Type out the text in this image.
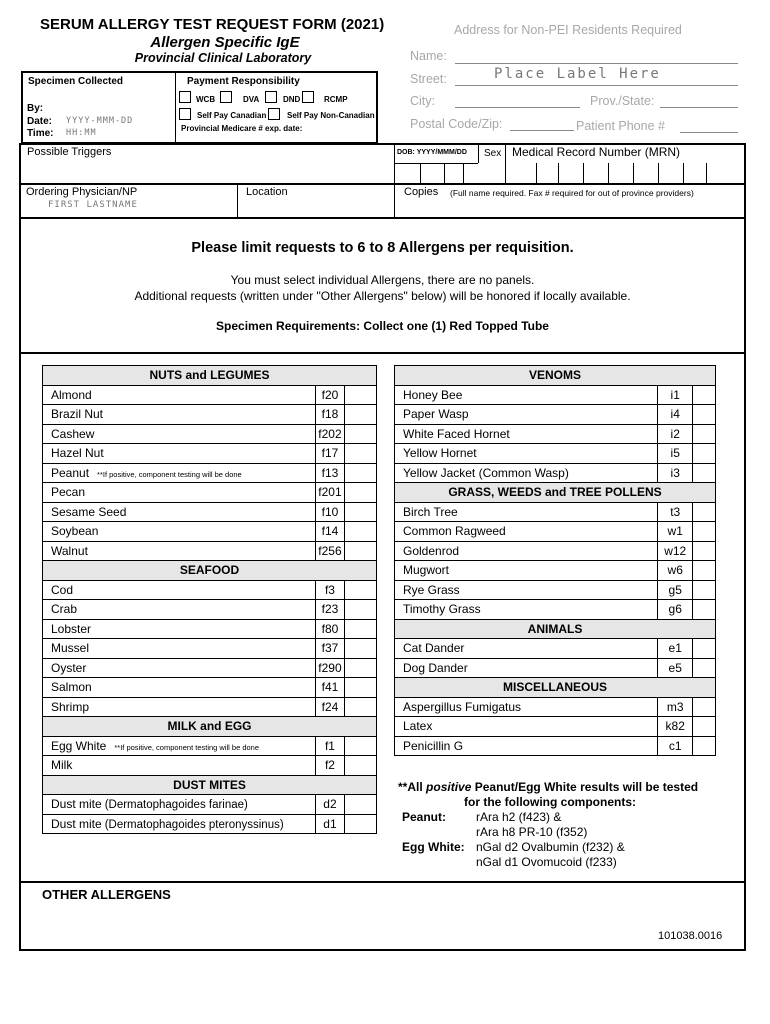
SERUM ALLERGY TEST REQUEST FORM (2021)
Allergen Specific IgE
Provincial Clinical Laboratory
Address for Non-PEI Residents Required
Name:
Street:	Place Label Here
City:	Prov./State:
Postal Code/Zip:	Patient Phone #
Specimen Collected
By:
Date: YYYY-MMM-DD
Time: HH:MM
Payment Responsibility
WCB	DVA	DND	RCMP
Self Pay Canadian	Self Pay Non-Canadian
Provincial Medicare # exp. date:
Possible Triggers	DOB: YYYY/MMM/DD Sex Medical Record Number (MRN)
Ordering Physician/NP
FIRST LASTNAME
Location	Copies (Full name required. Fax # required for out of province providers)
Please limit requests to 6 to 8 Allergens per requisition.
You must select individual Allergens, there are no panels.
Additional requests (written under "Other Allergens" below) will be honored if locally available.
Specimen Requirements: Collect one (1) Red Topped Tube
NUTS and LEGUMES		
Almond	f20	
Brazil Nut	f18	
Cashew	f202	
Hazel Nut	f17	
Peanut **If positive, component testing will be done	f13	
Pecan	f201	
Sesame Seed	f10	
Soybean	f14	
Walnut	f256	
SEAFOOD		
Cod	f3	
Crab	f23	
Lobster	f80	
Mussel	f37	
Oyster	f290	
Salmon	f41	
Shrimp	f24	
MILK and EGG		
Egg White **If positive, component testing will be done	f1	
Milk	f2	
DUST MITES		
Dust mite (Dermatophagoides farinae)	d2	
Dust mite (Dermatophagoides pteronyssinus)	d1	
VENOMS		
Honey Bee	i1	
Paper Wasp	i4	
White Faced Hornet	i2	
Yellow Hornet	i5	
Yellow Jacket (Common Wasp)	i3	
GRASS, WEEDS and TREE POLLENS		
Birch Tree	t3	
Common Ragweed	w1	
Goldenrod	w12	
Mugwort	w6	
Rye Grass	g5	
Timothy Grass	g6	
ANIMALS		
Cat Dander	e1	
Dog Dander	e5	
MISCELLANEOUS		
Aspergillus Fumigatus	m3	
Latex	k82	
Penicillin G	c1	
**All positive Peanut/Egg White results will be tested
for the following components:
Peanut: rAra h2 (f423) &
rAra h8 PR-10 (f352)
Egg White: nGal d2 Ovalbumin (f232) &
nGal d1 Ovomucoid (f233)
OTHER ALLERGENS
101038.0016
